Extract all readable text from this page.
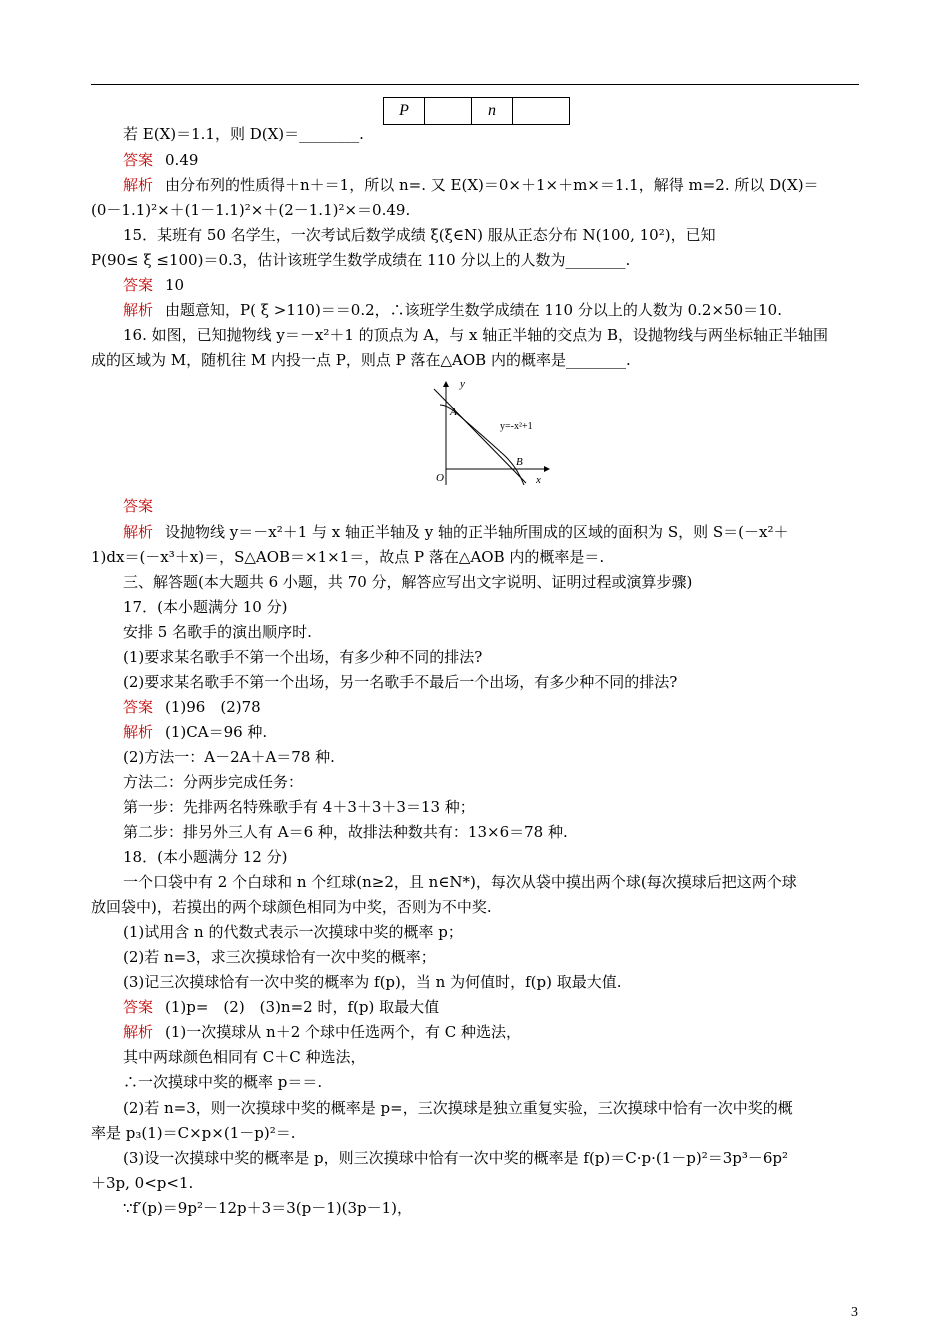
P		n	
若 E(X)＝1.1，则 D(X)＝________.
答案 0.49
解析 由分布列的性质得＋n＋＝1，所以 n=. 又 E(X)＝0×＋1×＋m×＝1.1，解得 m=2. 所以 D(X)＝
(0－1.1)²×＋(1－1.1)²×＋(2－1.1)²×＝0.49.
15．某班有 50 名学生，一次考试后数学成绩 ξ(ξ∈N) 服从正态分布 N(100, 10²)，已知
P(90≤ ξ ≤100)＝0.3，估计该班学生数学成绩在 110 分以上的人数为________.
答案 10
解析 由题意知，P( ξ >110)＝＝0.2，∴该班学生数学成绩在 110 分以上的人数为 0.2×50＝10.
16. 如图，已知抛物线 y＝－x²＋1 的顶点为 A，与 x 轴正半轴的交点为 B，设抛物线与两坐标轴正半轴围
成的区域为 M，随机往 M 内投一点 P，则点 P 落在△AOB 内的概率是________.
y
x
A
B
O
y=-x²+1
答案
解析 设抛物线 y＝－x²＋1 与 x 轴正半轴及 y 轴的正半轴所围成的区域的面积为 S，则 S＝(－x²＋
1)dx＝(－x³＋x)＝，S△AOB＝×1×1＝，故点 P 落在△AOB 内的概率是＝.
三、解答题(本大题共 6 小题，共 70 分，解答应写出文字说明、证明过程或演算步骤)
17．(本小题满分 10 分)
安排 5 名歌手的演出顺序时.
(1)要求某名歌手不第一个出场，有多少种不同的排法?
(2)要求某名歌手不第一个出场，另一名歌手不最后一个出场，有多少种不同的排法?
答案 (1)96　(2)78
解析 (1)CA＝96 种.
(2)方法一：A－2A＋A＝78 种.
方法二：分两步完成任务：
第一步：先排两名特殊歌手有 4＋3＋3＋3＝13 种；
第二步：排另外三人有 A＝6 种，故排法种数共有：13×6＝78 种.
18．(本小题满分 12 分)
一个口袋中有 2 个白球和 n 个红球(n≥2，且 n∈N*)，每次从袋中摸出两个球(每次摸球后把这两个球
放回袋中)，若摸出的两个球颜色相同为中奖，否则为不中奖.
(1)试用含 n 的代数式表示一次摸球中奖的概率 p；
(2)若 n=3，求三次摸球恰有一次中奖的概率；
(3)记三次摸球恰有一次中奖的概率为 f(p)，当 n 为何值时，f(p) 取最大值.
答案 (1)p=　(2)　(3)n=2 时，f(p) 取最大值
解析 (1)一次摸球从 n＋2 个球中任选两个，有 C 种选法，
其中两球颜色相同有 C＋C 种选法，
∴一次摸球中奖的概率 p＝＝.
(2)若 n=3，则一次摸球中奖的概率是 p=，三次摸球是独立重复实验，三次摸球中恰有一次中奖的概
率是 p₃(1)＝C×p×(1－p)²＝.
(3)设一次摸球中奖的概率是 p，则三次摸球中恰有一次中奖的概率是 f(p)＝C·p·(1－p)²＝3p³－6p²
＋3p, 0<p<1.
∵f′(p)＝9p²－12p＋3＝3(p－1)(3p－1)，
3
